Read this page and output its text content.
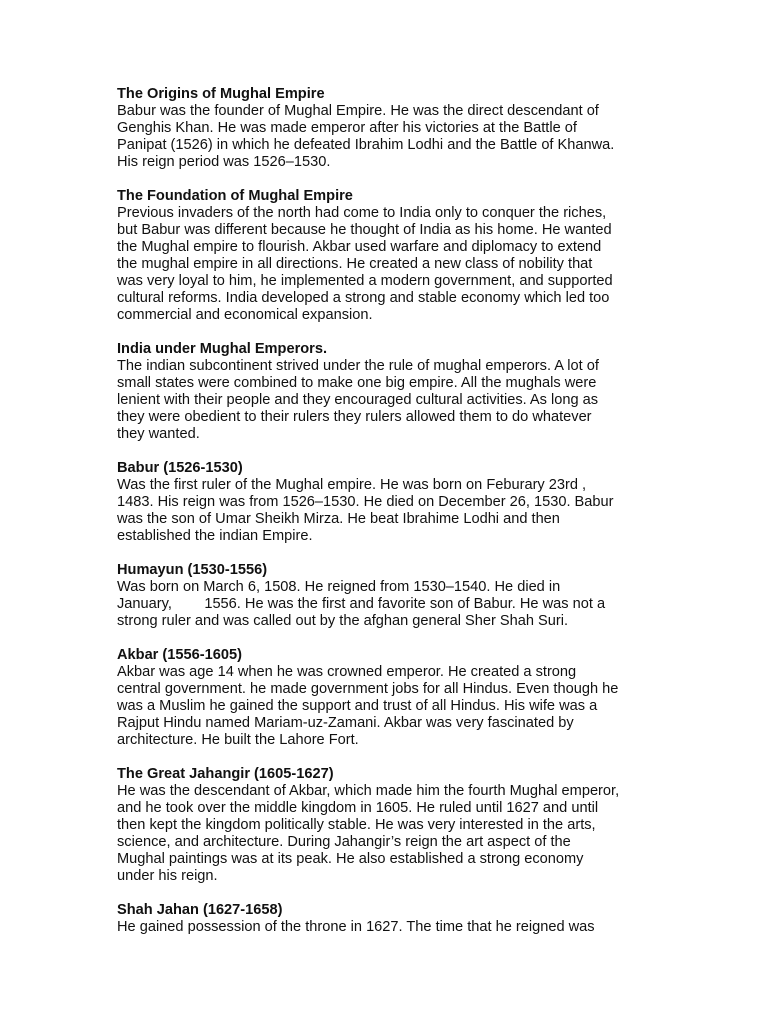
The Origins of Mughal Empire
Babur was the founder of Mughal Empire. He was the direct descendant of
Genghis Khan. He was made emperor after his victories at the Battle of
Panipat (1526) in which he defeated Ibrahim Lodhi and the Battle of Khanwa.
His reign period was 1526–1530.
The Foundation of Mughal Empire
Previous invaders of the north had come to India only to conquer the riches,
but Babur was different because he thought of India as his home. He wanted
the Mughal empire to flourish. Akbar used warfare and diplomacy to extend
the mughal empire in all directions. He created a new class of nobility that
was very loyal to him, he implemented a modern government, and supported
cultural reforms. India developed a strong and stable economy which led too
commercial and economical expansion.
India under Mughal Emperors.
The indian subcontinent strived under the rule of mughal emperors. A lot of
small states were combined to make one big empire. All the mughals were
lenient with their people and they encouraged cultural activities. As long as
they were obedient to their rulers they rulers allowed them to do whatever
they wanted.
Babur (1526-1530)
Was the first ruler of the Mughal empire. He was born on Feburary 23rd ,
1483. His reign was from 1526–1530. He died on December 26, 1530. Babur
was the son of Umar Sheikh Mirza. He beat Ibrahime Lodhi and then
established the indian Empire.
Humayun (1530-1556)
Was born on March 6, 1508. He reigned from 1530–1540. He died in
January,        1556. He was the first and favorite son of Babur. He was not a
strong ruler and was called out by the afghan general Sher Shah Suri.
Akbar (1556-1605)
Akbar was age 14 when he was crowned emperor. He created a strong
central government. he made government jobs for all Hindus. Even though he
was a Muslim he gained the support and trust of all Hindus. His wife was a
Rajput Hindu named Mariam-uz-Zamani. Akbar was very fascinated by
architecture. He built the Lahore Fort.
The Great Jahangir (1605-1627)
He was the descendant of Akbar, which made him the fourth Mughal emperor,
and he took over the middle kingdom in 1605. He ruled until 1627 and until
then kept the kingdom politically stable. He was very interested in the arts,
science, and architecture. During Jahangir’s reign the art aspect of the
Mughal paintings was at its peak. He also established a strong economy
under his reign.
Shah Jahan (1627-1658)
He gained possession of the throne in 1627. The time that he reigned was
